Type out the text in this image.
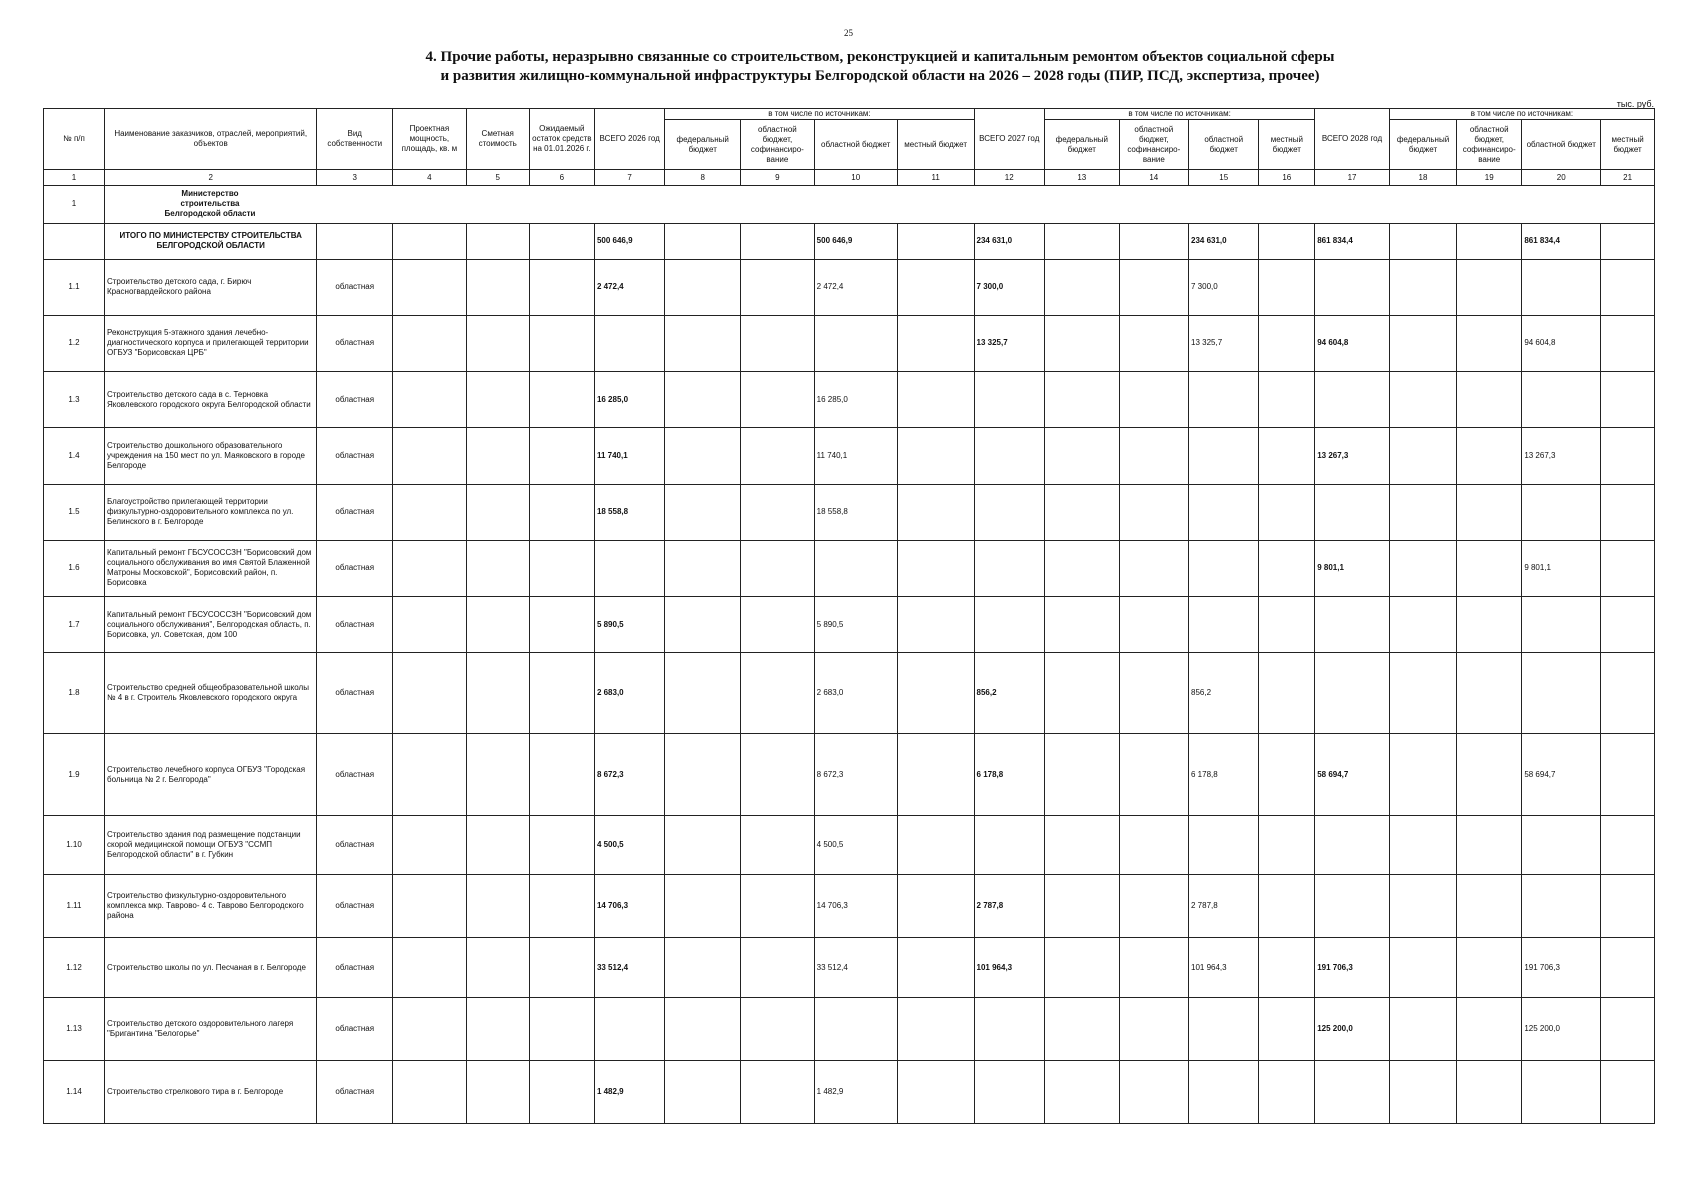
25
4. Прочие работы, неразрывно связанные со строительством, реконструкцией и капитальным ремонтом объектов социальной сферы
и развития жилищно-коммунальной инфраструктуры Белгородской области на 2026 – 2028 годы (ПИР, ПСД, экспертиза, прочее)
тыс. руб.
№ п/п	Наименование заказчиков, отраслей, мероприятий, объектов	Вид собственности	Проектная мощность, площадь, кв. м	Сметная стоимость	Ожидаемый остаток средств на 01.01.2026 г.	ВСЕГО 2026 год	в том числе по источникам:				ВСЕГО 2027 год	в том числе по источникам:				ВСЕГО 2028 год	в том числе по источникам:			
							федеральный бюджет	областной бюджет, софинансиро-вание	областной бюджет	местный бюджет		федеральный бюджет	областной бюджет, софинансиро-вание	областной бюджет	местный бюджет		федеральный бюджет	областной бюджет, софинансиро-вание	областной бюджет	местный бюджет
1	2	3	4	5	6	7	8	9	10	11	12	13	14	15	16	17	18	19	20	21
1	Министерство строительства Белгородской области																			

	ИТОГО ПО МИНИСТЕРСТВУ СТРОИТЕЛЬСТВА БЕЛГОРОДСКОЙ ОБЛАСТИ					500 646,9			500 646,9		234 631,0			234 631,0		861 834,4			861 834,4	
1.1	Строительство детского сада, г. Бирюч Красногвардейского района	областная				2 472,4			2 472,4		7 300,0			7 300,0						
1.2	Реконструкция 5-этажного здания лечебно-диагностического корпуса и прилегающей территории ОГБУЗ "Борисовская ЦРБ"	областная									13 325,7			13 325,7		94 604,8			94 604,8	
1.3	Строительство детского сада в с. Терновка Яковлевского городского округа Белгородской области	областная				16 285,0			16 285,0											
1.4	Строительство дошкольного образовательного учреждения на 150 мест по ул. Маяковского в городе Белгороде	областная				11 740,1			11 740,1							13 267,3			13 267,3	
1.5	Благоустройство прилегающей территории физкультурно-оздоровительного комплекса по ул. Белинского в г. Белгороде	областная				18 558,8			18 558,8											
1.6	Капитальный ремонт ГБСУСОССЗН "Борисовский дом социального обслуживания во имя Святой Блаженной Матроны Московской", Борисовский район, п. Борисовка	областная														9 801,1			9 801,1	
1.7	Капитальный ремонт ГБСУСОССЗН "Борисовский дом социального обслуживания", Белгородская область, п. Борисовка, ул. Советская, дом 100	областная				5 890,5			5 890,5											
1.8	Строительство средней общеобразовательной школы № 4 в г. Строитель Яковлевского городского округа	областная				2 683,0			2 683,0		856,2			856,2						
1.9	Строительство лечебного корпуса ОГБУЗ "Городская больница № 2 г. Белгорода"	областная				8 672,3			8 672,3		6 178,8			6 178,8		58 694,7			58 694,7	
1.10	Строительство здания под размещение подстанции скорой медицинской помощи ОГБУЗ "ССМП Белгородской области" в г. Губкин	областная				4 500,5			4 500,5											
1.11	Строительство физкультурно-оздоровительного комплекса мкр. Таврово- 4 с. Таврово Белгородского района	областная				14 706,3			14 706,3		2 787,8			2 787,8						
1.12	Строительство школы по ул. Песчаная в г. Белгороде	областная				33 512,4			33 512,4		101 964,3			101 964,3		191 706,3			191 706,3	
1.13	Строительство детского оздоровительного лагеря "Бригантина "Белогорье"	областная														125 200,0			125 200,0	
1.14	Строительство стрелкового тира в г. Белгороде	областная				1 482,9			1 482,9											
